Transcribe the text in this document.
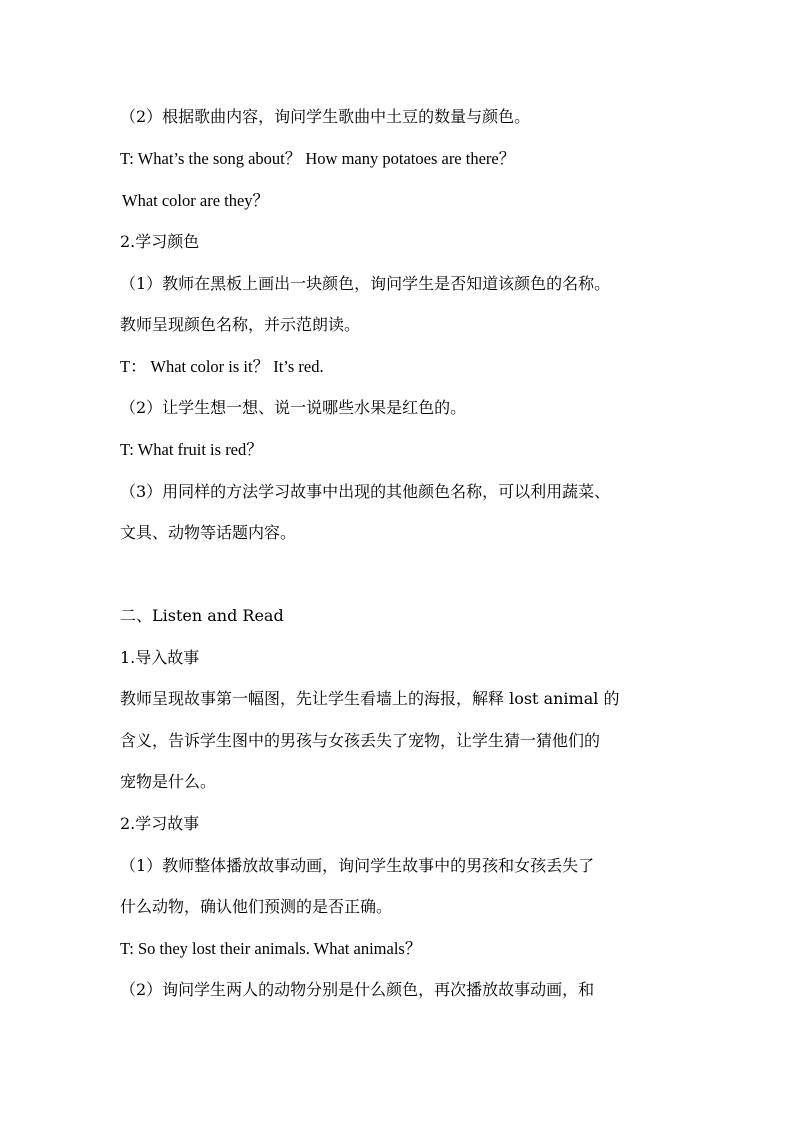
（2）根据歌曲内容，询问学生歌曲中土豆的数量与颜色。
T: What’s the song about？ How many potatoes are there？
What color are they？
2.学习颜色
（1）教师在黑板上画出一块颜色，询问学生是否知道该颜色的名称。
教师呈现颜色名称，并示范朗读。
T： What color is it？ It’s red.
（2）让学生想一想、说一说哪些水果是红色的。
T: What fruit is red？
（3）用同样的方法学习故事中出现的其他颜色名称，可以利用蔬菜、
文具、动物等话题内容。
二、Listen and Read
1.导入故事
教师呈现故事第一幅图，先让学生看墙上的海报，解释 lost animal 的
含义，告诉学生图中的男孩与女孩丢失了宠物，让学生猜一猜他们的
宠物是什么。
2.学习故事
（1）教师整体播放故事动画，询问学生故事中的男孩和女孩丢失了
什么动物，确认他们预测的是否正确。
T: So they lost their animals. What animals？
（2）询问学生两人的动物分别是什么颜色，再次播放故事动画，和
